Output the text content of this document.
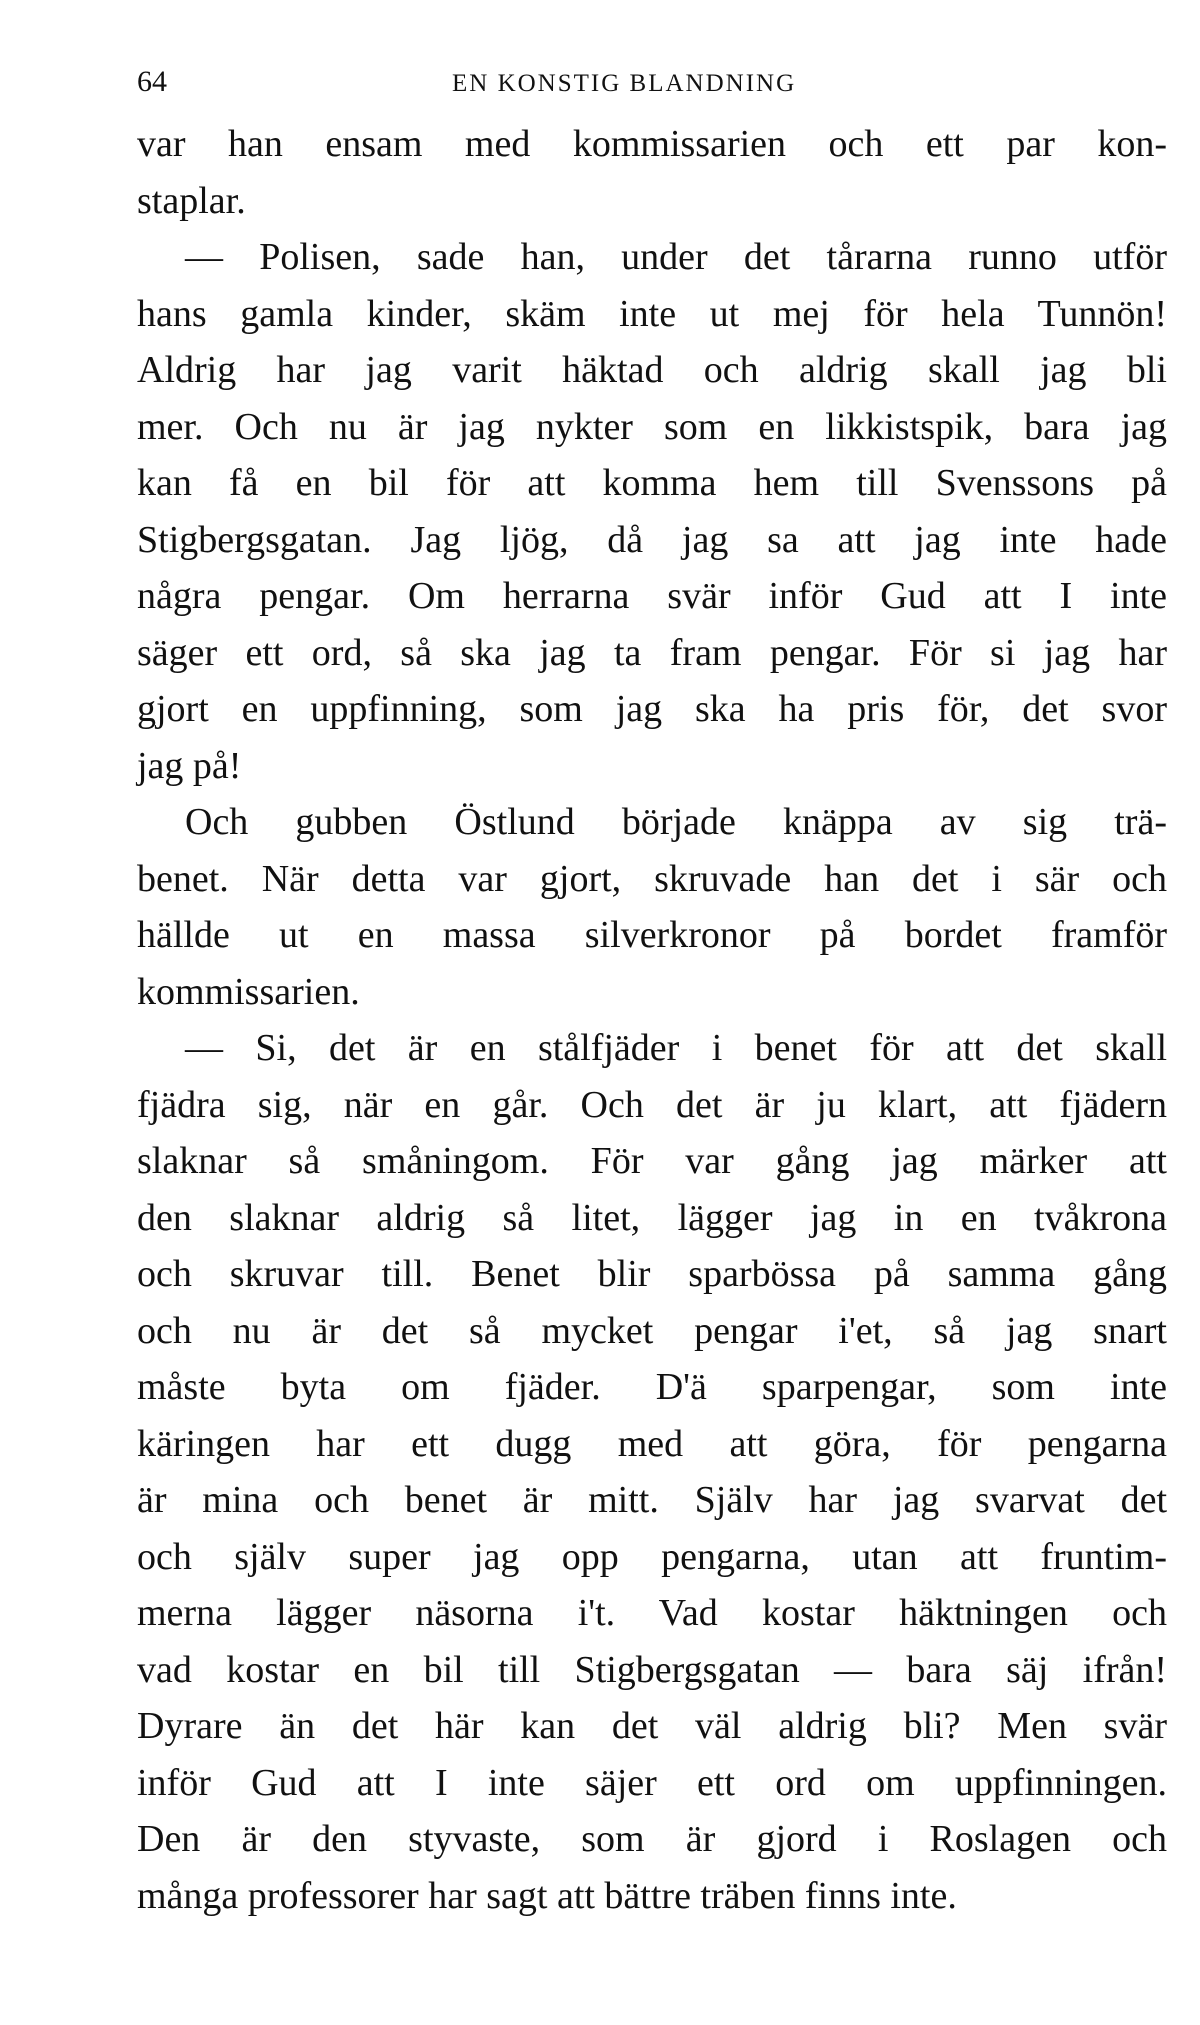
64	EN KONSTIG BLANDNING
var han ensam med kommissarien och ett par kon-
staplar.
— Polisen, sade han, under det tårarna runno utför
hans gamla kinder, skäm inte ut mej för hela Tunnön!
Aldrig har jag varit häktad och aldrig skall jag bli
mer. Och nu är jag nykter som en likkistspik, bara jag
kan få en bil för att komma hem till Svenssons på
Stigbergsgatan. Jag ljög, då jag sa att jag inte hade
några pengar. Om herrarna svär inför Gud att I inte
säger ett ord, så ska jag ta fram pengar. För si jag har
gjort en uppfinning, som jag ska ha pris för, det svor
jag på!
Och gubben Östlund började knäppa av sig trä-
benet. När detta var gjort, skruvade han det i sär och
hällde ut en massa silverkronor på bordet framför
kommissarien.
— Si, det är en stålfjäder i benet för att det skall
fjädra sig, när en går. Och det är ju klart, att fjädern
slaknar så småningom. För var gång jag märker att
den slaknar aldrig så litet, lägger jag in en tvåkrona
och skruvar till. Benet blir sparbössa på samma gång
och nu är det så mycket pengar i'et, så jag snart
måste byta om fjäder. D'ä sparpengar, som inte
käringen har ett dugg med att göra, för pengarna
är mina och benet är mitt. Själv har jag svarvat det
och själv super jag opp pengarna, utan att fruntim-
merna lägger näsorna i't. Vad kostar häktningen och
vad kostar en bil till Stigbergsgatan — bara säj ifrån!
Dyrare än det här kan det väl aldrig bli? Men svär
inför Gud att I inte säjer ett ord om uppfinningen.
Den är den styvaste, som är gjord i Roslagen och
många professorer har sagt att bättre träben finns inte.
